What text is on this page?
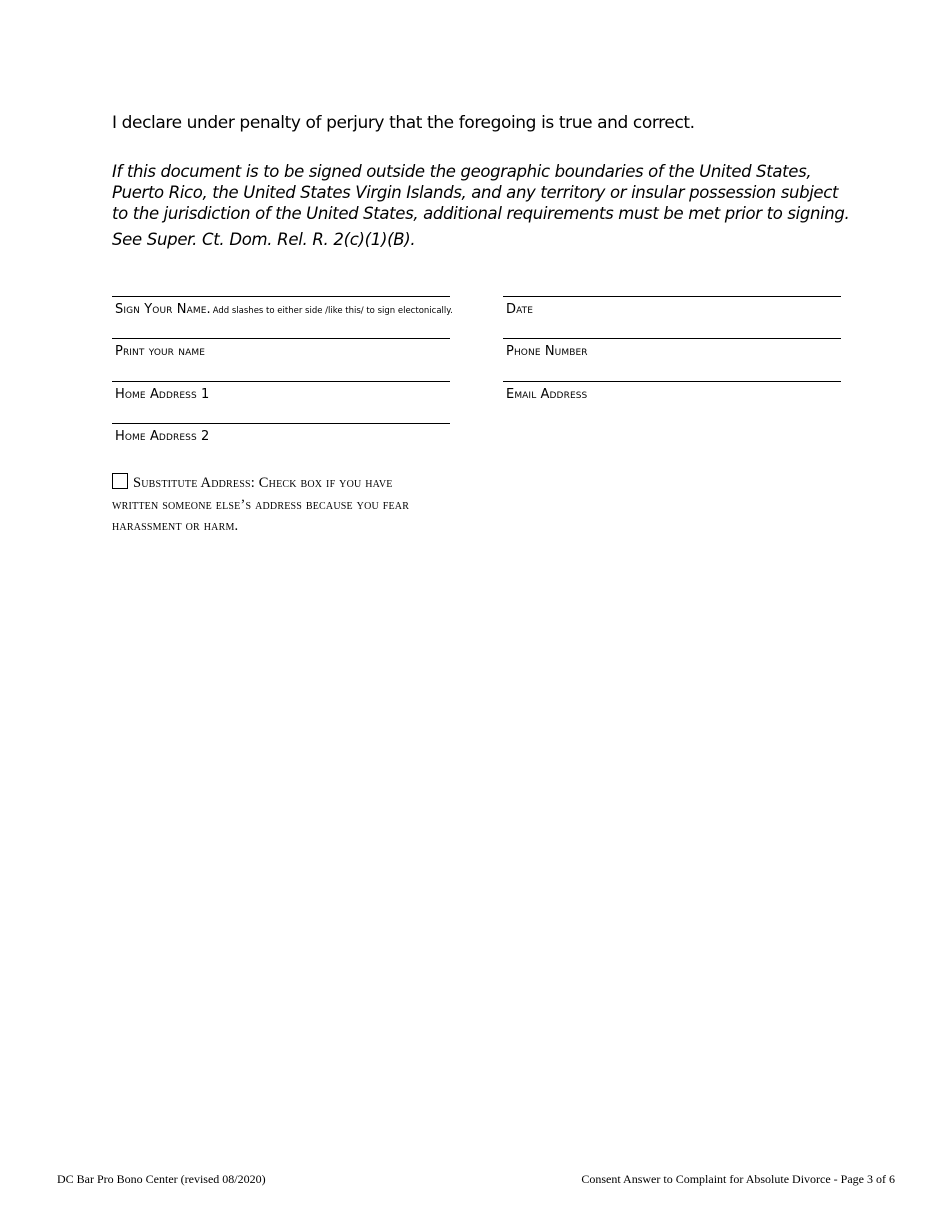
I declare under penalty of perjury that the foregoing is true and correct.
If this document is to be signed outside the geographic boundaries of the United States, Puerto Rico, the United States Virgin Islands, and any territory or insular possession subject to the jurisdiction of the United States, additional requirements must be met prior to signing.
See Super. Ct. Dom. Rel. R. 2(c)(1)(B).
Sign Your Name. Add slashes to either side /like this/ to sign electonically.	Date
Print your name	Phone Number
Home Address 1	Email Address
Home Address 2
Substitute Address: Check box if you have written someone else’s address because you fear harassment or harm.
DC Bar Pro Bono Center (revised 08/2020)	Consent Answer to Complaint for Absolute Divorce - Page 3 of 6
